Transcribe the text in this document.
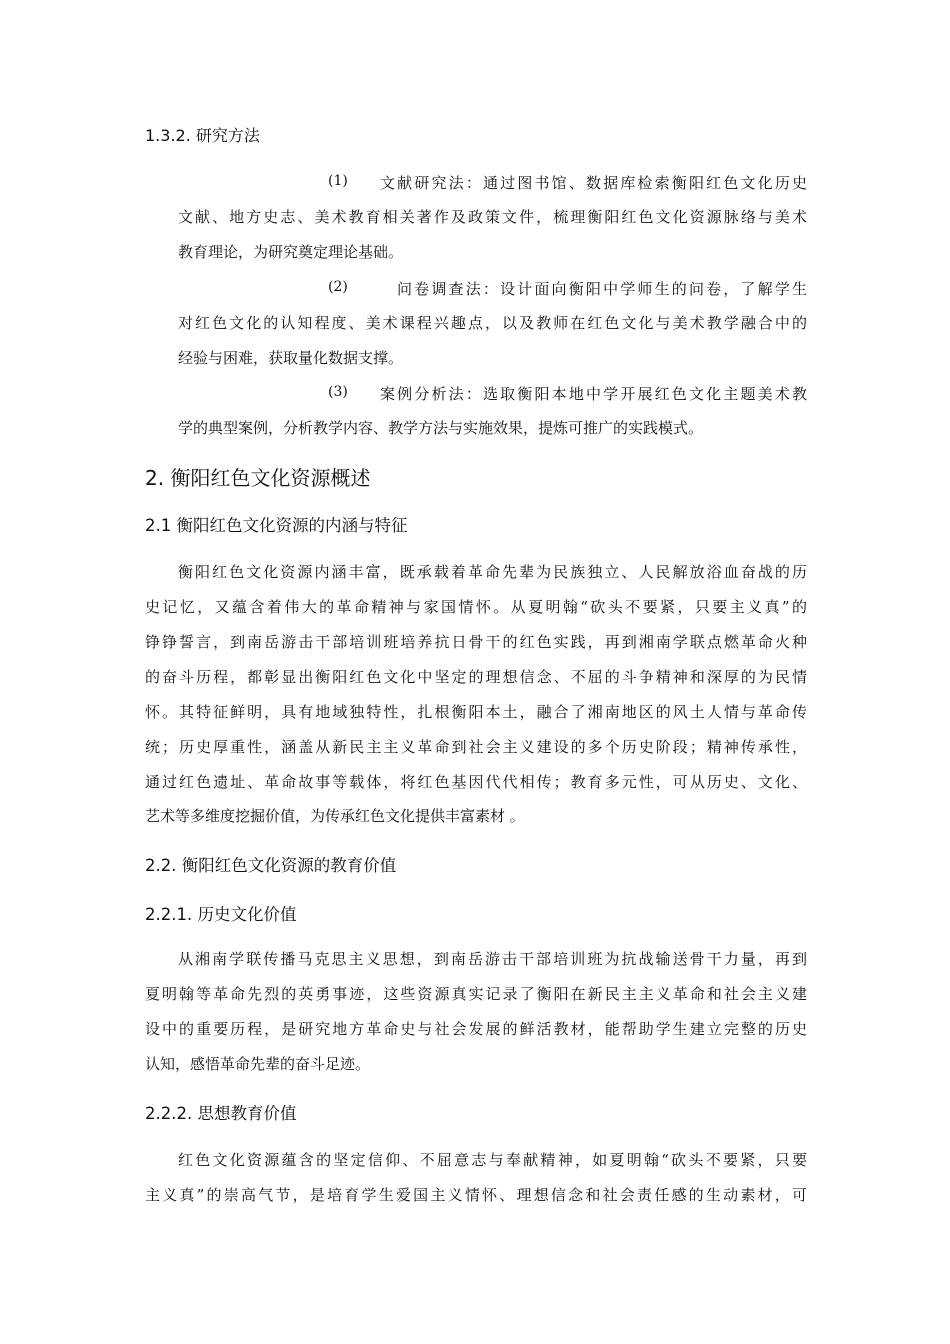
1.3.2. 研究方法
(1) 文献研究法：通过图书馆、数据库检索衡阳红色文化历史
文献、地方史志、美术教育相关著作及政策文件，梳理衡阳红色文化资源脉络与美术
教育理论，为研究奠定理论基础。
(2)	问卷调查法：设计面向衡阳中学师生的问卷，了解学生
对红色文化的认知程度、美术课程兴趣点，以及教师在红色文化与美术教学融合中的
经验与困难，获取量化数据支撑。
(3) 案例分析法：选取衡阳本地中学开展红色文化主题美术教
学的典型案例，分析教学内容、教学方法与实施效果，提炼可推广的实践模式。
2. 衡阳红色文化资源概述
2.1 衡阳红色文化资源的内涵与特征
衡阳红色文化资源内涵丰富，既承载着革命先辈为民族独立、人民解放浴血奋战的历
史记忆，又蕴含着伟大的革命精神与家国情怀。从夏明翰“砍头不要紧，只要主义真”的
铮铮誓言，到南岳游击干部培训班培养抗日骨干的红色实践，再到湘南学联点燃革命火种
的奋斗历程，都彰显出衡阳红色文化中坚定的理想信念、不屈的斗争精神和深厚的为民情
怀。其特征鲜明，具有地域独特性，扎根衡阳本土，融合了湘南地区的风土人情与革命传
统；历史厚重性，涵盖从新民主主义革命到社会主义建设的多个历史阶段；精神传承性，
通过红色遗址、革命故事等载体，将红色基因代代相传；教育多元性，可从历史、文化、
艺术等多维度挖掘价值，为传承红色文化提供丰富素材 。
2.2. 衡阳红色文化资源的教育价值
2.2.1. 历史文化价值
从湘南学联传播马克思主义思想，到南岳游击干部培训班为抗战输送骨干力量，再到
夏明翰等革命先烈的英勇事迹，这些资源真实记录了衡阳在新民主主义革命和社会主义建
设中的重要历程，是研究地方革命史与社会发展的鲜活教材，能帮助学生建立完整的历史
认知，感悟革命先辈的奋斗足迹。
2.2.2. 思想教育价值
红色文化资源蕴含的坚定信仰、不屈意志与奉献精神，如夏明翰“砍头不要紧，只要
主义真”的崇高气节，是培育学生爱国主义情怀、理想信念和社会责任感的生动素材，可
